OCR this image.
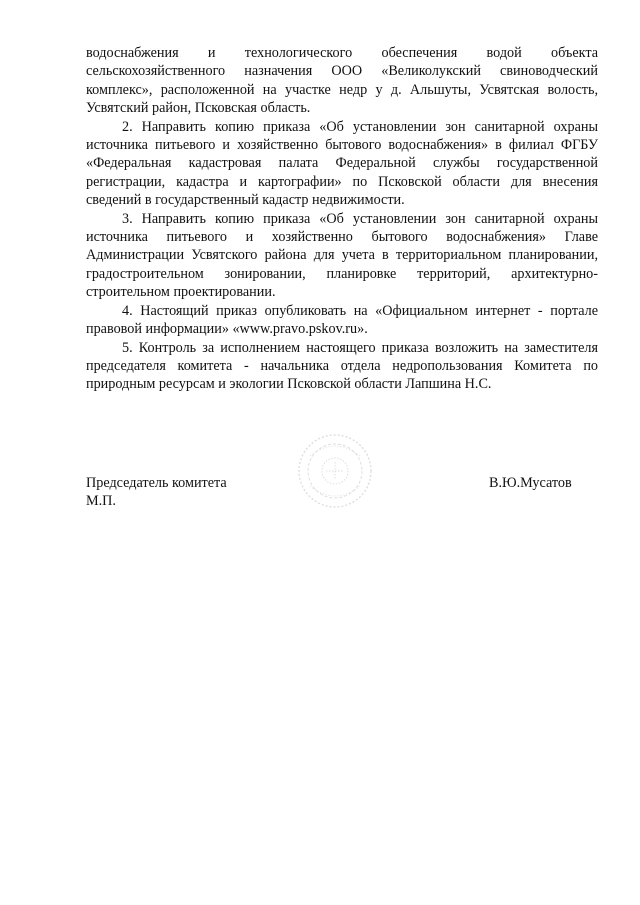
водоснабжения и технологического обеспечения водой объекта сельскохозяйственного назначения ООО «Великолукский свиноводческий комплекс», расположенной на участке недр у д. Альшуты, Усвятская волость, Усвятский район, Псковская область.

2. Направить копию приказа «Об установлении зон санитарной охраны источника питьевого и хозяйственно бытового водоснабжения» в филиал ФГБУ «Федеральная кадастровая палата Федеральной службы государственной регистрации, кадастра и картографии» по Псковской области для внесения сведений в государственный кадастр недвижимости.

3. Направить копию приказа «Об установлении зон санитарной охраны источника питьевого и хозяйственно бытового водоснабжения» Главе Администрации Усвятского района для учета в территориальном планировании, градостроительном зонировании, планировке территорий, архитектурно-строительном проектировании.

4. Настоящий приказ опубликовать на «Официальном интернет - портале правовой информации» «www.pravo.pskov.ru».

5. Контроль за исполнением настоящего приказа возложить на заместителя председателя комитета - начальника отдела недропользования Комитета по природным ресурсам и экологии Псковской области Лапшина Н.С.

Председатель комитета
М.П.
В.Ю.Мусатов
